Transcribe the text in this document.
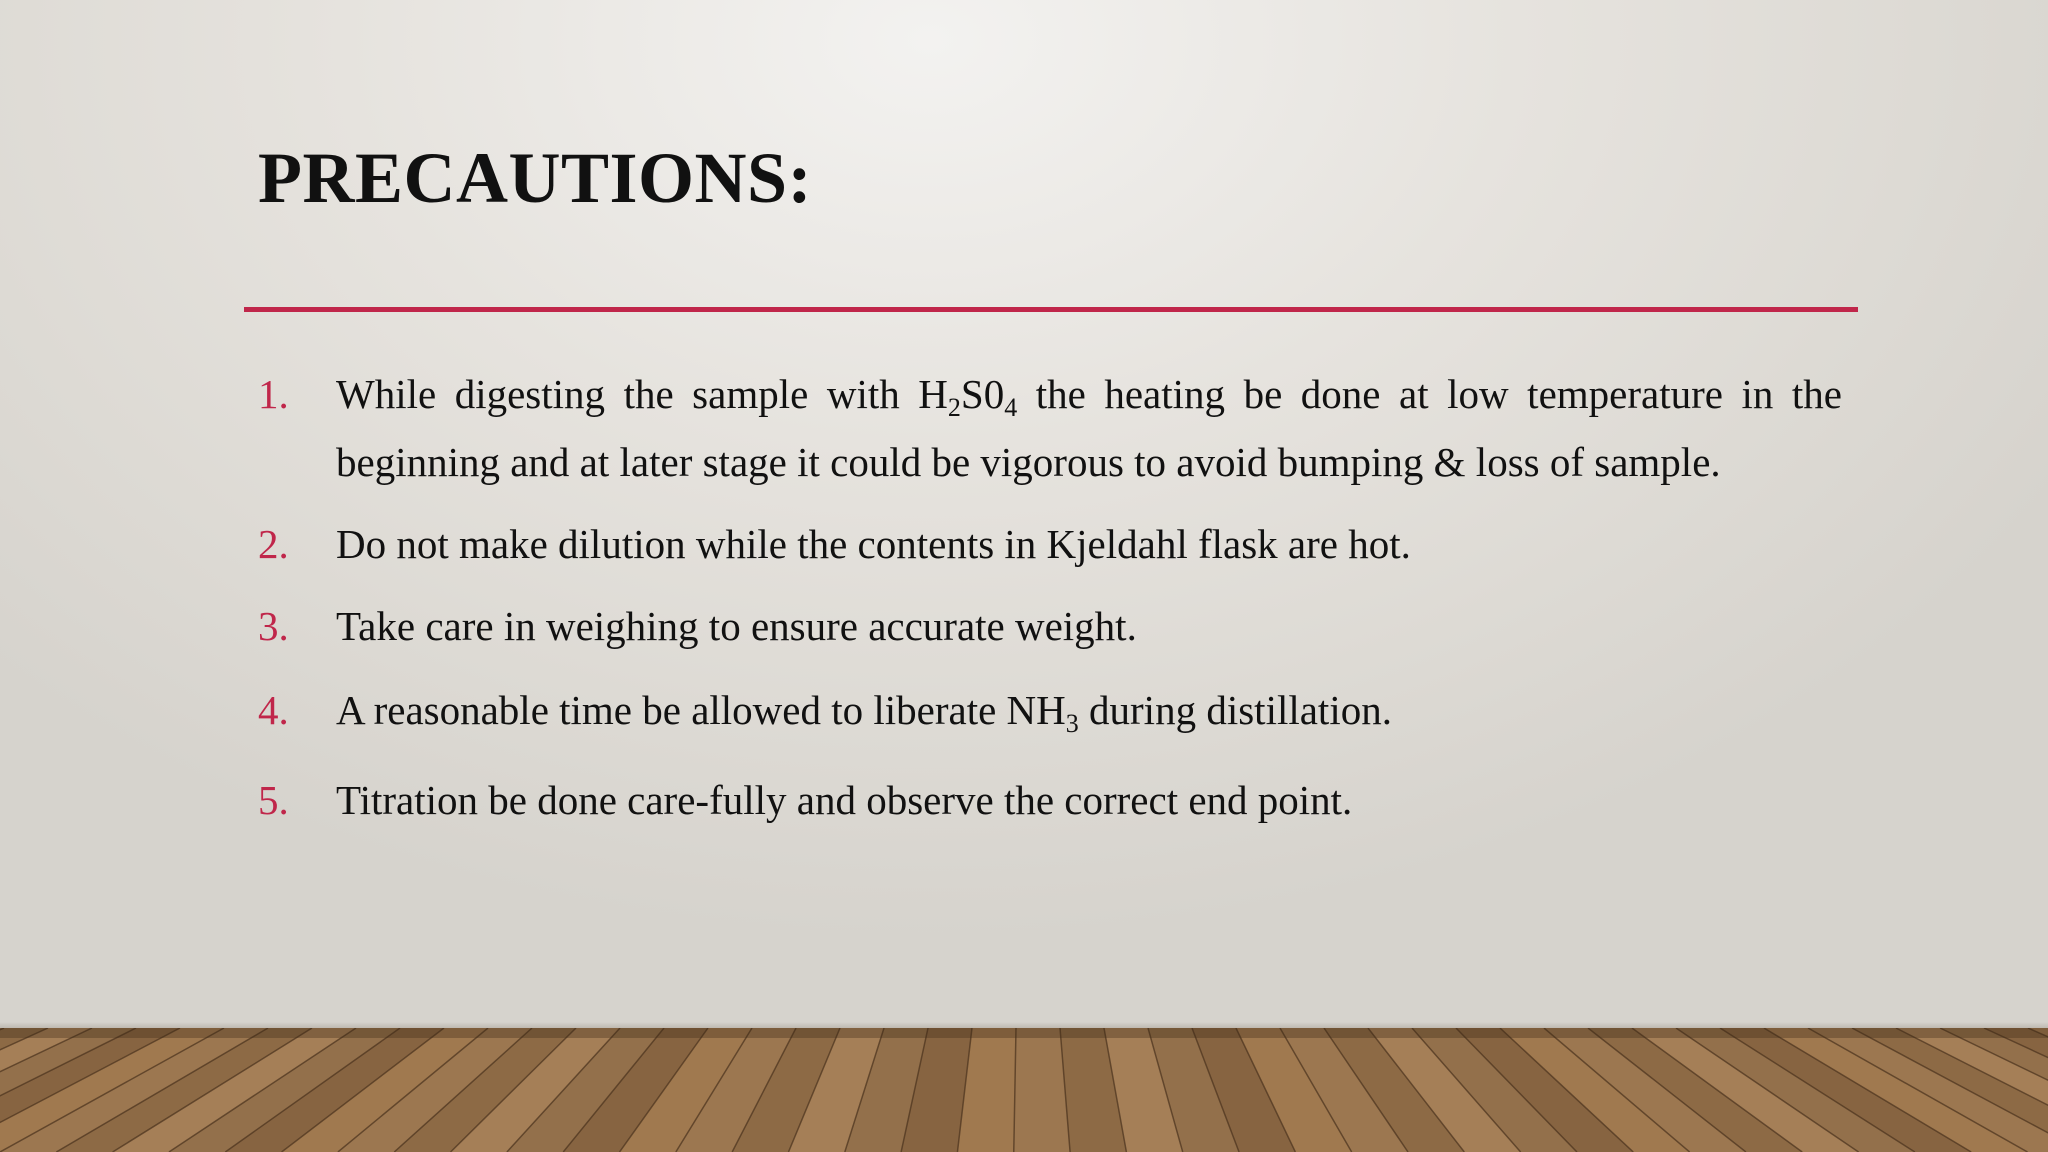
PRECAUTIONS:
1. While digesting the sample with $H_2S0_4$ the heating be done at low temperature in the beginning and at later stage it could be vigorous to avoid bumping & loss of sample.
2. Do not make dilution while the contents in Kjeldahl flask are hot.
3. Take care in weighing to ensure accurate weight.
4. A reasonable time be allowed to liberate $NH_3$ during distillation.
5. Titration be done care-fully and observe the correct end point.
